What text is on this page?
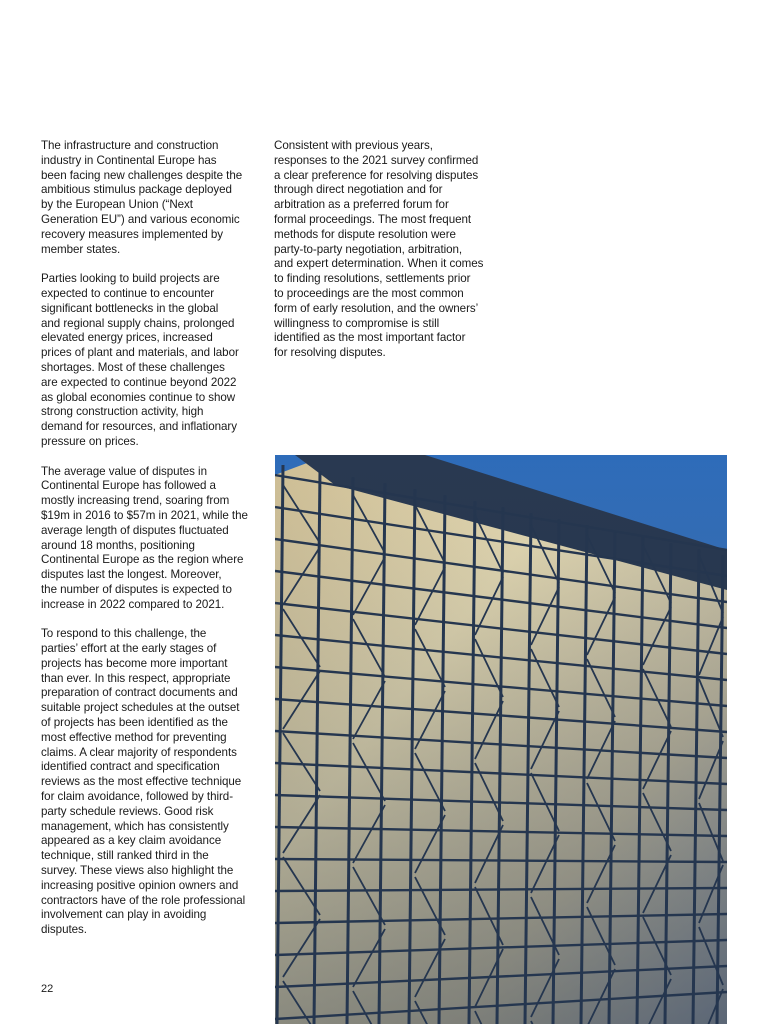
The infrastructure and construction
industry in Continental Europe has
been facing new challenges despite the
ambitious stimulus package deployed
by the European Union (“Next
Generation EU”) and various economic
recovery measures implemented by
member states.

Parties looking to build projects are
expected to continue to encounter
significant bottlenecks in the global
and regional supply chains, prolonged
elevated energy prices, increased
prices of plant and materials, and labor
shortages. Most of these challenges
are expected to continue beyond 2022
as global economies continue to show
strong construction activity, high
demand for resources, and inflationary
pressure on prices.

The average value of disputes in
Continental Europe has followed a
mostly increasing trend, soaring from
$19m in 2016 to $57m in 2021, while the
average length of disputes fluctuated
around 18 months, positioning
Continental Europe as the region where
disputes last the longest. Moreover,
the number of disputes is expected to
increase in 2022 compared to 2021.

To respond to this challenge, the
parties’ effort at the early stages of
projects has become more important
than ever. In this respect, appropriate
preparation of contract documents and
suitable project schedules at the outset
of projects has been identified as the
most effective method for preventing
claims. A clear majority of respondents
identified contract and specification
reviews as the most effective technique
for claim avoidance, followed by third-
party schedule reviews. Good risk
management, which has consistently
appeared as a key claim avoidance
technique, still ranked third in the
survey. These views also highlight the
increasing positive opinion owners and
contractors have of the role professional
involvement can play in avoiding
disputes.

Consistent with previous years,
responses to the 2021 survey confirmed
a clear preference for resolving disputes
through direct negotiation and for
arbitration as a preferred forum for
formal proceedings. The most frequent
methods for dispute resolution were
party-to-party negotiation, arbitration,
and expert determination. When it comes
to finding resolutions, settlements prior
to proceedings are the most common
form of early resolution, and the owners’
willingness to compromise is still
identified as the most important factor
for resolving disputes.

22
